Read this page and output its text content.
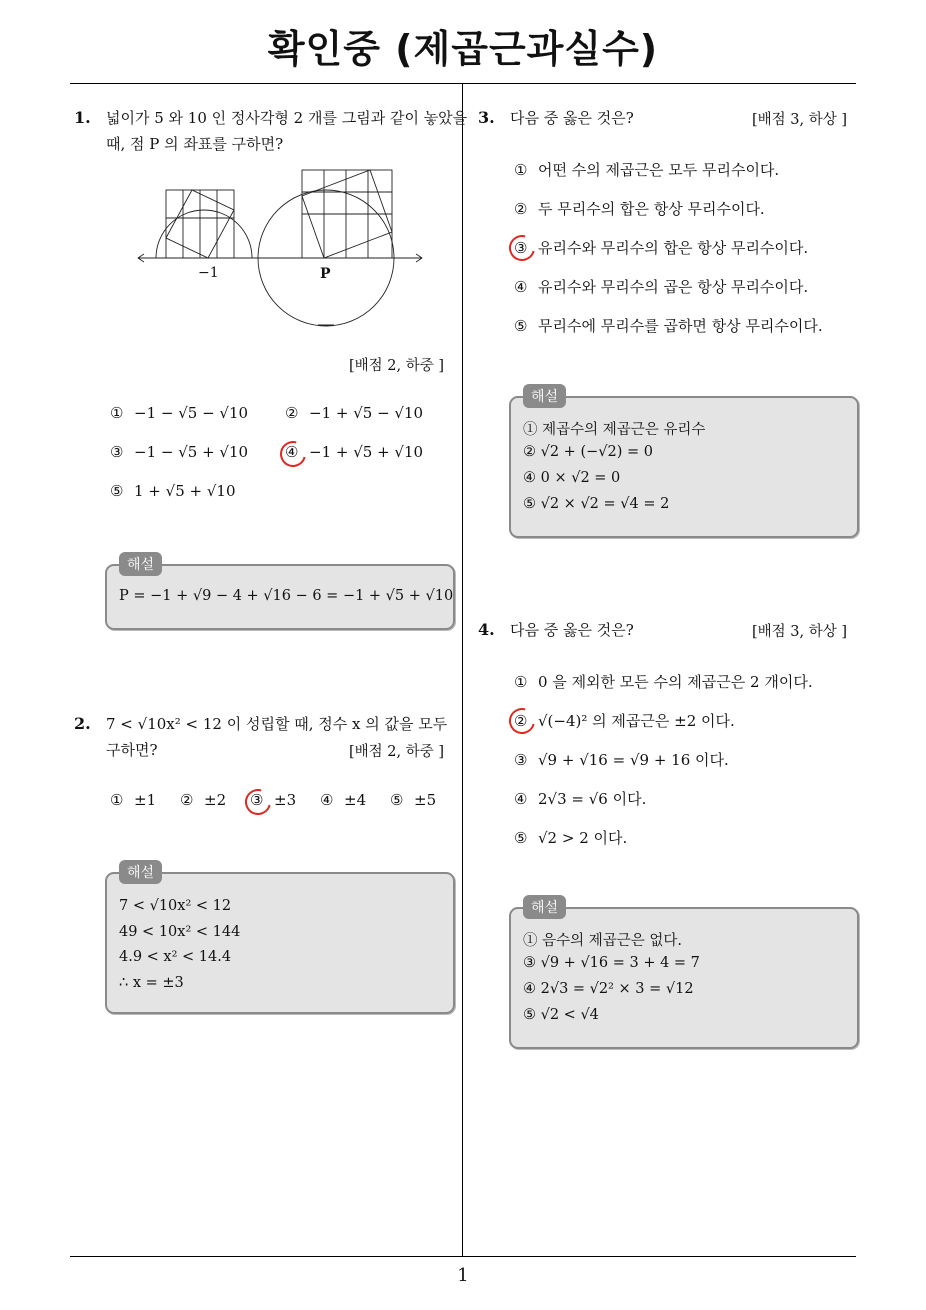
확인중 (제곱근과실수)
1
1. 넓이가 5 와 10 인 정사각형 2 개를 그림과 같이 놓았을
때, 점 P 의 좌표를 구하면?
−1	P
[배점 2, 하중 ]
① −1 − √5 − √10 ② −1 + √5 − √10
③ −1 − √5 + √10 ④ −1 + √5 + √10
⑤ 1 + √5 + √10
해설
P = −1 + √9 − 4 + √16 − 6 = −1 + √5 + √10
2. 7 < √10x² < 12 이 성립할 때, 정수 x 의 값을 모두
구하면?	[배점 2, 하중 ]
① ±1 ② ±2 ③ ±3 ④ ±4 ⑤ ±5
해설
7 < √10x² < 12
49 < 10x² < 144
4.9 < x² < 14.4
∴ x = ±3
3. 다음 중 옳은 것은?	[배점 3, 하상 ]
① 어떤 수의 제곱근은 모두 무리수이다.
② 두 무리수의 합은 항상 무리수이다.
③ 유리수와 무리수의 합은 항상 무리수이다.
④ 유리수와 무리수의 곱은 항상 무리수이다.
⑤ 무리수에 무리수를 곱하면 항상 무리수이다.
해설
① 제곱수의 제곱근은 유리수
② √2 + (−√2) = 0
④ 0 × √2 = 0
⑤ √2 × √2 = √4 = 2
4. 다음 중 옳은 것은?	[배점 3, 하상 ]
① 0 을 제외한 모든 수의 제곱근은 2 개이다.
② √(−4)² 의 제곱근은 ±2 이다.
③ √9 + √16 = √9 + 16 이다.
④ 2√3 = √6 이다.
⑤ √2 > 2 이다.
해설
① 음수의 제곱근은 없다.
③ √9 + √16 = 3 + 4 = 7
④ 2√3 = √2² × 3 = √12
⑤ √2 < √4
